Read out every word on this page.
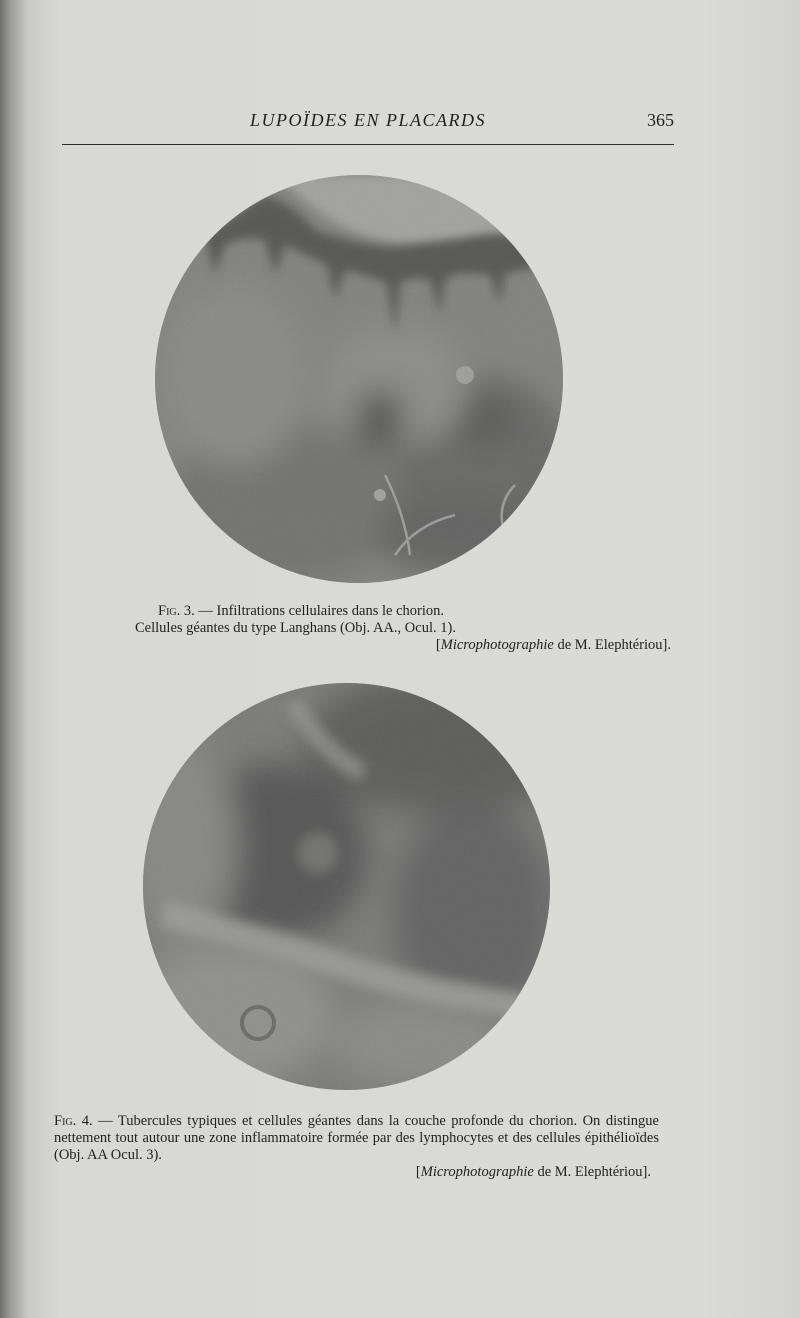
LUPOÏDES EN PLACARDS	365
Fig. 3. — Infiltrations cellulaires dans le chorion.
Cellules géantes du type Langhans (Obj. AA., Ocul. 1).
[Microphotographie de M. Elephtériou].
Fig. 4. — Tubercules typiques et cellules géantes dans la couche profonde du chorion. On distingue nettement tout autour une zone inflammatoire formée par des lymphocytes et des cellules épithélioïdes (Obj. AA Ocul. 3).
[Microphotographie de M. Elephtériou].
